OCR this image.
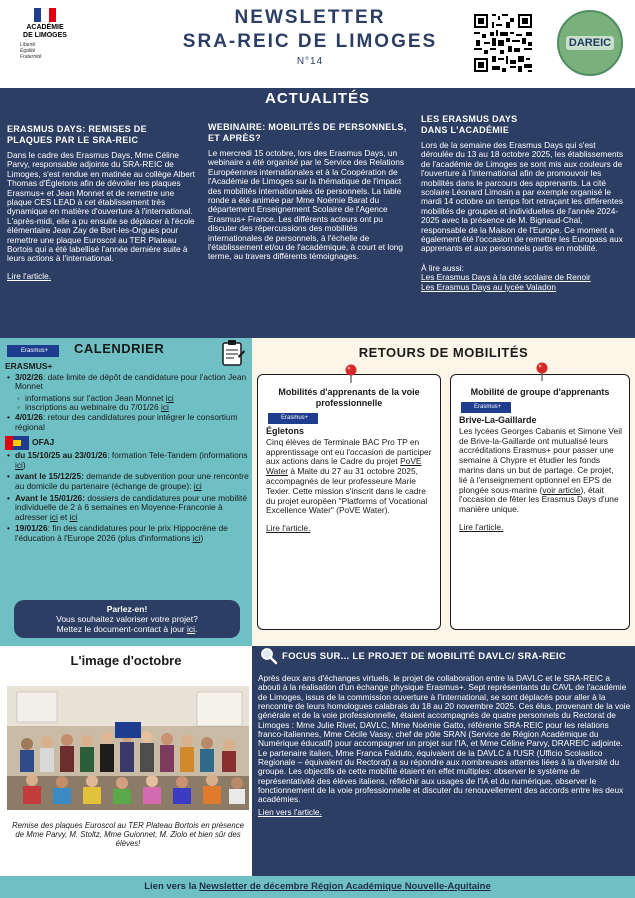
ACADÉMIE
DE LIMOGES
Liberté
Égalité
Fraternité
NEWSLETTER
SRA-REIC DE LIMOGES
N°14
DAREIC
ACTUALITÉS
ERASMUS DAYS: REMISES DE PLAQUES PAR LE SRA-REIC

Dans le cadre des Erasmus Days, Mme Céline Parvy, responsable adjointe du SRA-REIC de Limoges, s'est rendue en matinée au collège Albert Thomas d'Égletons afin de dévoiler les plaques Erasmus+ et Jean Monnet et de remettre une plaque CES LEAD à cet établissement très dynamique en matière d'ouverture à l'international.

L'après-midi, elle a pu ensuite se déplacer à l'école élémentaire Jean Zay de Bort-les-Orgues pour remettre une plaque Euroscol au TER Plateau Bortois qui a été labellisé l'année dernière suite à leurs actions à l'international.

Lire l'article.
WEBINAIRE: MOBILITÉS DE PERSONNELS, ET APRÈS?

Le mercredi 15 octobre, lors des Erasmus Days, un webinaire a été organisé par le Service des Relations Européennes internationales et à la Coopération de l'Académie de Limoges sur la thématique de l'impact des mobilités internationales de personnels. La table ronde a été animée par Mme Noémie Barat du département Enseignement Scolaire de l'Agence Erasmus+ France. Les différents acteurs ont pu discuter des répercussions des mobilités internationales de personnels, à l'échelle de l'établissement et/ou de l'académique, à court et long terme, au travers différents témoignages.

LES ERASMUS DAYS
DANS L'ACADÉMIE

Lors de la semaine des Erasmus Days qui s'est déroulée du 13 au 18 octobre 2025, les établissements de l'académie de Limoges se sont mis aux couleurs de l'ouverture à l'international afin de promouvoir les mobilités dans le parcours des apprenants. La cité scolaire Léonard Limosin a par exemple organisé le mardi 14 octobre un temps fort retraçant les différentes mobilités de groupes et individuelles de l'année 2024-2025 avec la présence de M. Bignaud-Chal, responsable de la Maison de l'Europe. Ce moment a également été l'occasion de remettre les Europass aux apprenants et aux personnels partis en mobilité.

À lire aussi:
Les Erasmus Days à la cité scolaire de Renoir
Les Erasmus Days au lycée Valadon
Erasmus+	CALENDRIER
ERASMUS+
• 3/02/26: date limite de dépôt de candidature pour l'action Jean Monnet
◦ informations sur l'action Jean Monnet ici
◦ inscriptions au webinaire du 7/01/26 ici
• 4/01/26: retour des candidatures pour intégrer le consortium régional
OFAJ
• du 15/10/25 au 23/01/26: formation Tele-Tandem (informations ici)
• avant le 15/12/25: demande de subvention pour une rencontre au domicile du partenaire (échange de groupe): ici
• Avant le 15/01/26: dossiers de candidatures pour une mobilité individuelle de 2 à 6 semaines en Moyenne-Franconie à adresser ici et ici
• 19/01/26: fin des candidatures pour le prix Hippocrène de l'éducation à l'Europe 2026 (plus d'informations ici)
Parlez-en!
Vous souhaitez valoriser votre projet?
Mettez le document-contact à jour ici.
RETOURS DE MOBILITÉS
Mobilités d'apprenants de la voie professionnelle
Erasmus+
Égletons
Cinq élèves de Terminale BAC Pro TP en apprentissage ont eu l'occasion de participer aux actions dans le Cadre du projet PoVE Water à Malte du 27 au 31 octobre 2025, accompagnés de leur professeure Marie Texier. Cette mission s'inscrit dans le cadre du projet européen "Platforms of Vocational Excellence Water" (PoVE Water).
Lire l'article.
Mobilité de groupe d'apprenants
Erasmus+
Brive-La-Gaillarde
Les lycées Georges Cabanis et Simone Veil de Brive-la-Gaillarde ont mutualisé leurs accréditations Erasmus+ pour passer une semaine à Chypre et étudier les fonds marins dans un but de partage. Ce projet, lié à l'enseignement optionnel en EPS de plongée sous-marine (voir article), était l'occasion de fêter les Erasmus Days d'une manière unique.
Lire l'article.
L'image d'octobre
Remise des plaques Euroscol au TER Plateau Bortois en présence de Mme Parvy, M. Stoltz, Mme Guionnet, M. Ziolo et bien sûr des élèves!
FOCUS SUR... LE PROJET DE MOBILITÉ DAVLC/ SRA-REIC

Après deux ans d'échanges virtuels, le projet de collaboration entre la DAVLC et le SRA-REIC a abouti à la réalisation d'un échange physique Erasmus+. Sept représentants du CAVL de l'académie de Limoges, issus de la commission ouverture à l'international, se sont déplacés pour aller à la rencontre de leurs homologues calabrais du 18 au 20 novembre 2025. Ces élus, provenant de la voie générale et de la voie professionnelle, étaient accompagnés de quatre personnels du Rectorat de Limoges : Mme Julie Rivet, DAVLC, Mme Noémie Gatto, référente SRA-REIC pour les relations franco-italiennes, Mme Cécile Vassy, chef de pôle SRAN (Service de Région Académique du Numérique éducatif) pour accompagner un projet sur l'IA, et Mme Céline Parvy, DRAREIC adjointe. Le partenaire italien, Mme Franca Falduto, équivalent de la DAVLC à l'USR (Ufficio Scolastico Regionale – équivalent du Rectorat) a su répondre aux nombreuses attentes liées à la diversité du groupe. Les objectifs de cette mobilité étaient en effet multiples: observer le système de représentativité des élèves italiens, réfléchir aux usages de l'IA et du numérique, observer le fonctionnement de la voie professionnelle et discuter du renouvellement des accords entre les deux académies.

Lien vers l'article.
Lien vers la Newsletter de décembre Région Académique Nouvelle-Aquitaine
